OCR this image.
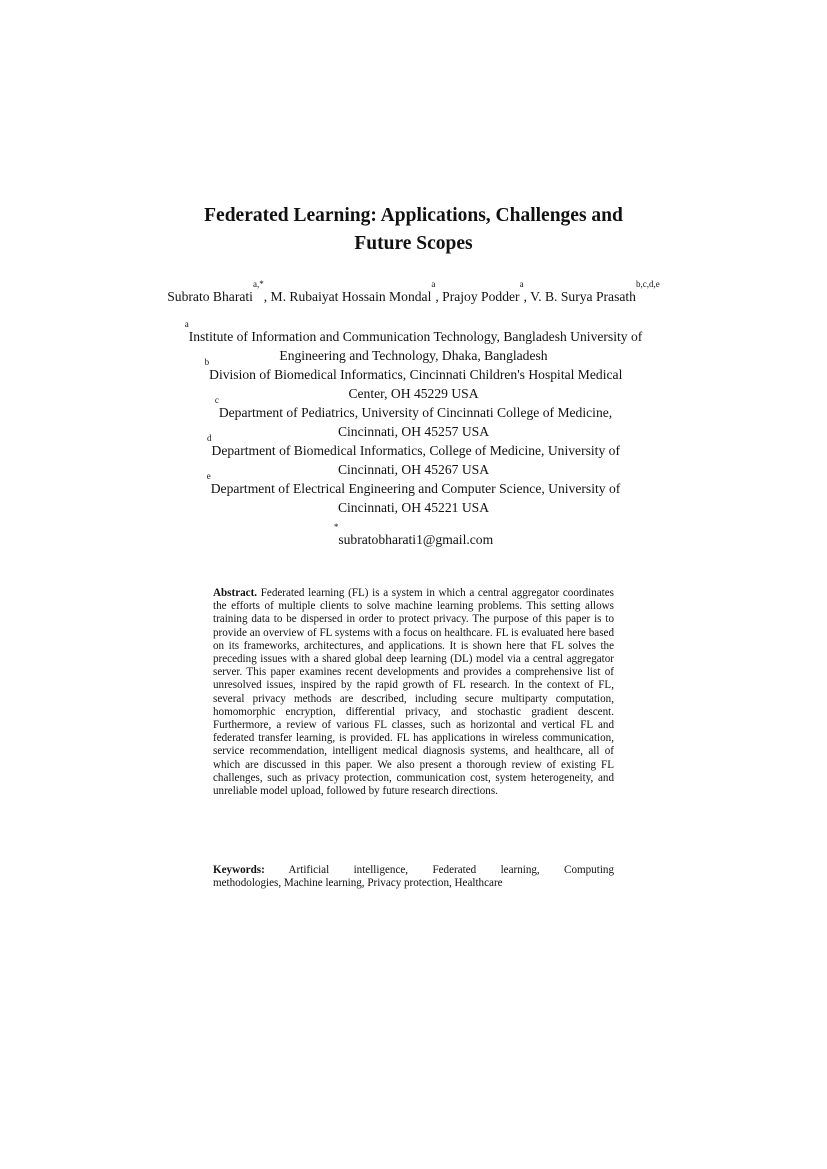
Federated Learning: Applications, Challenges and
Future Scopes
Subrato Bharati$^{a,*}$, M. Rubaiyat Hossain Mondal$^a$, Prajoy Podder$^a$, V. B. Surya Prasath$^{b,c,d,e}$
$^a$Institute of Information and Communication Technology, Bangladesh University of
Engineering and Technology, Dhaka, Bangladesh
$^b$Division of Biomedical Informatics, Cincinnati Children's Hospital Medical
Center, OH 45229 USA
$^c$Department of Pediatrics, University of Cincinnati College of Medicine,
Cincinnati, OH 45257 USA
$^d$Department of Biomedical Informatics, College of Medicine, University of
Cincinnati, OH 45267 USA
$^e$Department of Electrical Engineering and Computer Science, University of
Cincinnati, OH 45221 USA
*subratobharati1@gmail.com
Abstract. Federated learning (FL) is a system in which a central aggregator coordinates the efforts of multiple clients to solve machine learning problems. This setting allows training data to be dispersed in order to protect privacy. The purpose of this paper is to provide an overview of FL systems with a focus on healthcare. FL is evaluated here based on its frameworks, architectures, and applications. It is shown here that FL solves the preceding issues with a shared global deep learning (DL) model via a central aggregator server. This paper examines recent developments and provides a comprehensive list of unresolved issues, inspired by the rapid growth of FL research. In the context of FL, several privacy methods are described, including secure multiparty computation, homomorphic encryption, differential privacy, and stochastic gradient descent. Furthermore, a review of various FL classes, such as horizontal and vertical FL and federated transfer learning, is provided. FL has applications in wireless communication, service recommendation, intelligent medical diagnosis systems, and healthcare, all of which are discussed in this paper. We also present a thorough review of existing FL challenges, such as privacy protection, communication cost, system heterogeneity, and unreliable model upload, followed by future research directions.
Keywords: Artificial intelligence, Federated learning, Computing
methodologies, Machine learning, Privacy protection, Healthcare
